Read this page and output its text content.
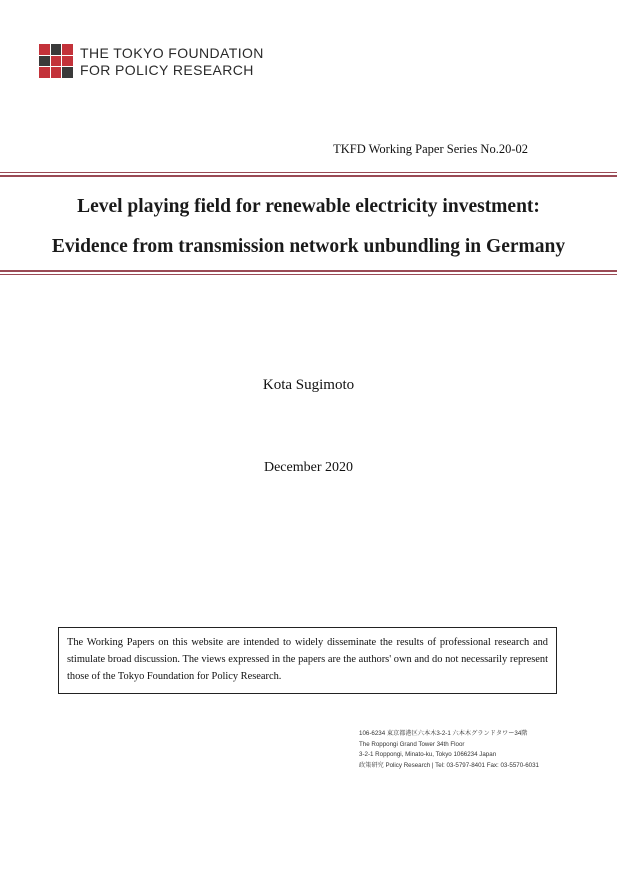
THE TOKYO FOUNDATION
FOR POLICY RESEARCH
TKFD Working Paper Series No.20-02
Level playing field for renewable electricity investment:
Evidence from transmission network unbundling in Germany
Kota Sugimoto
December 2020
The Working Papers on this website are intended to widely disseminate the results of professional research and stimulate broad discussion. The views expressed in the papers are the authors' own and do not necessarily represent those of the Tokyo Foundation for Policy Research.
106-6234 東京都港区六本木3-2-1 六本木グランドタワー34階
The Roppongi Grand Tower 34th Floor
3-2-1 Roppongi, Minato-ku, Tokyo 1066234 Japan
政策研究 Policy Research | Tel: 03-5797-8401 Fax: 03-5570-6031
